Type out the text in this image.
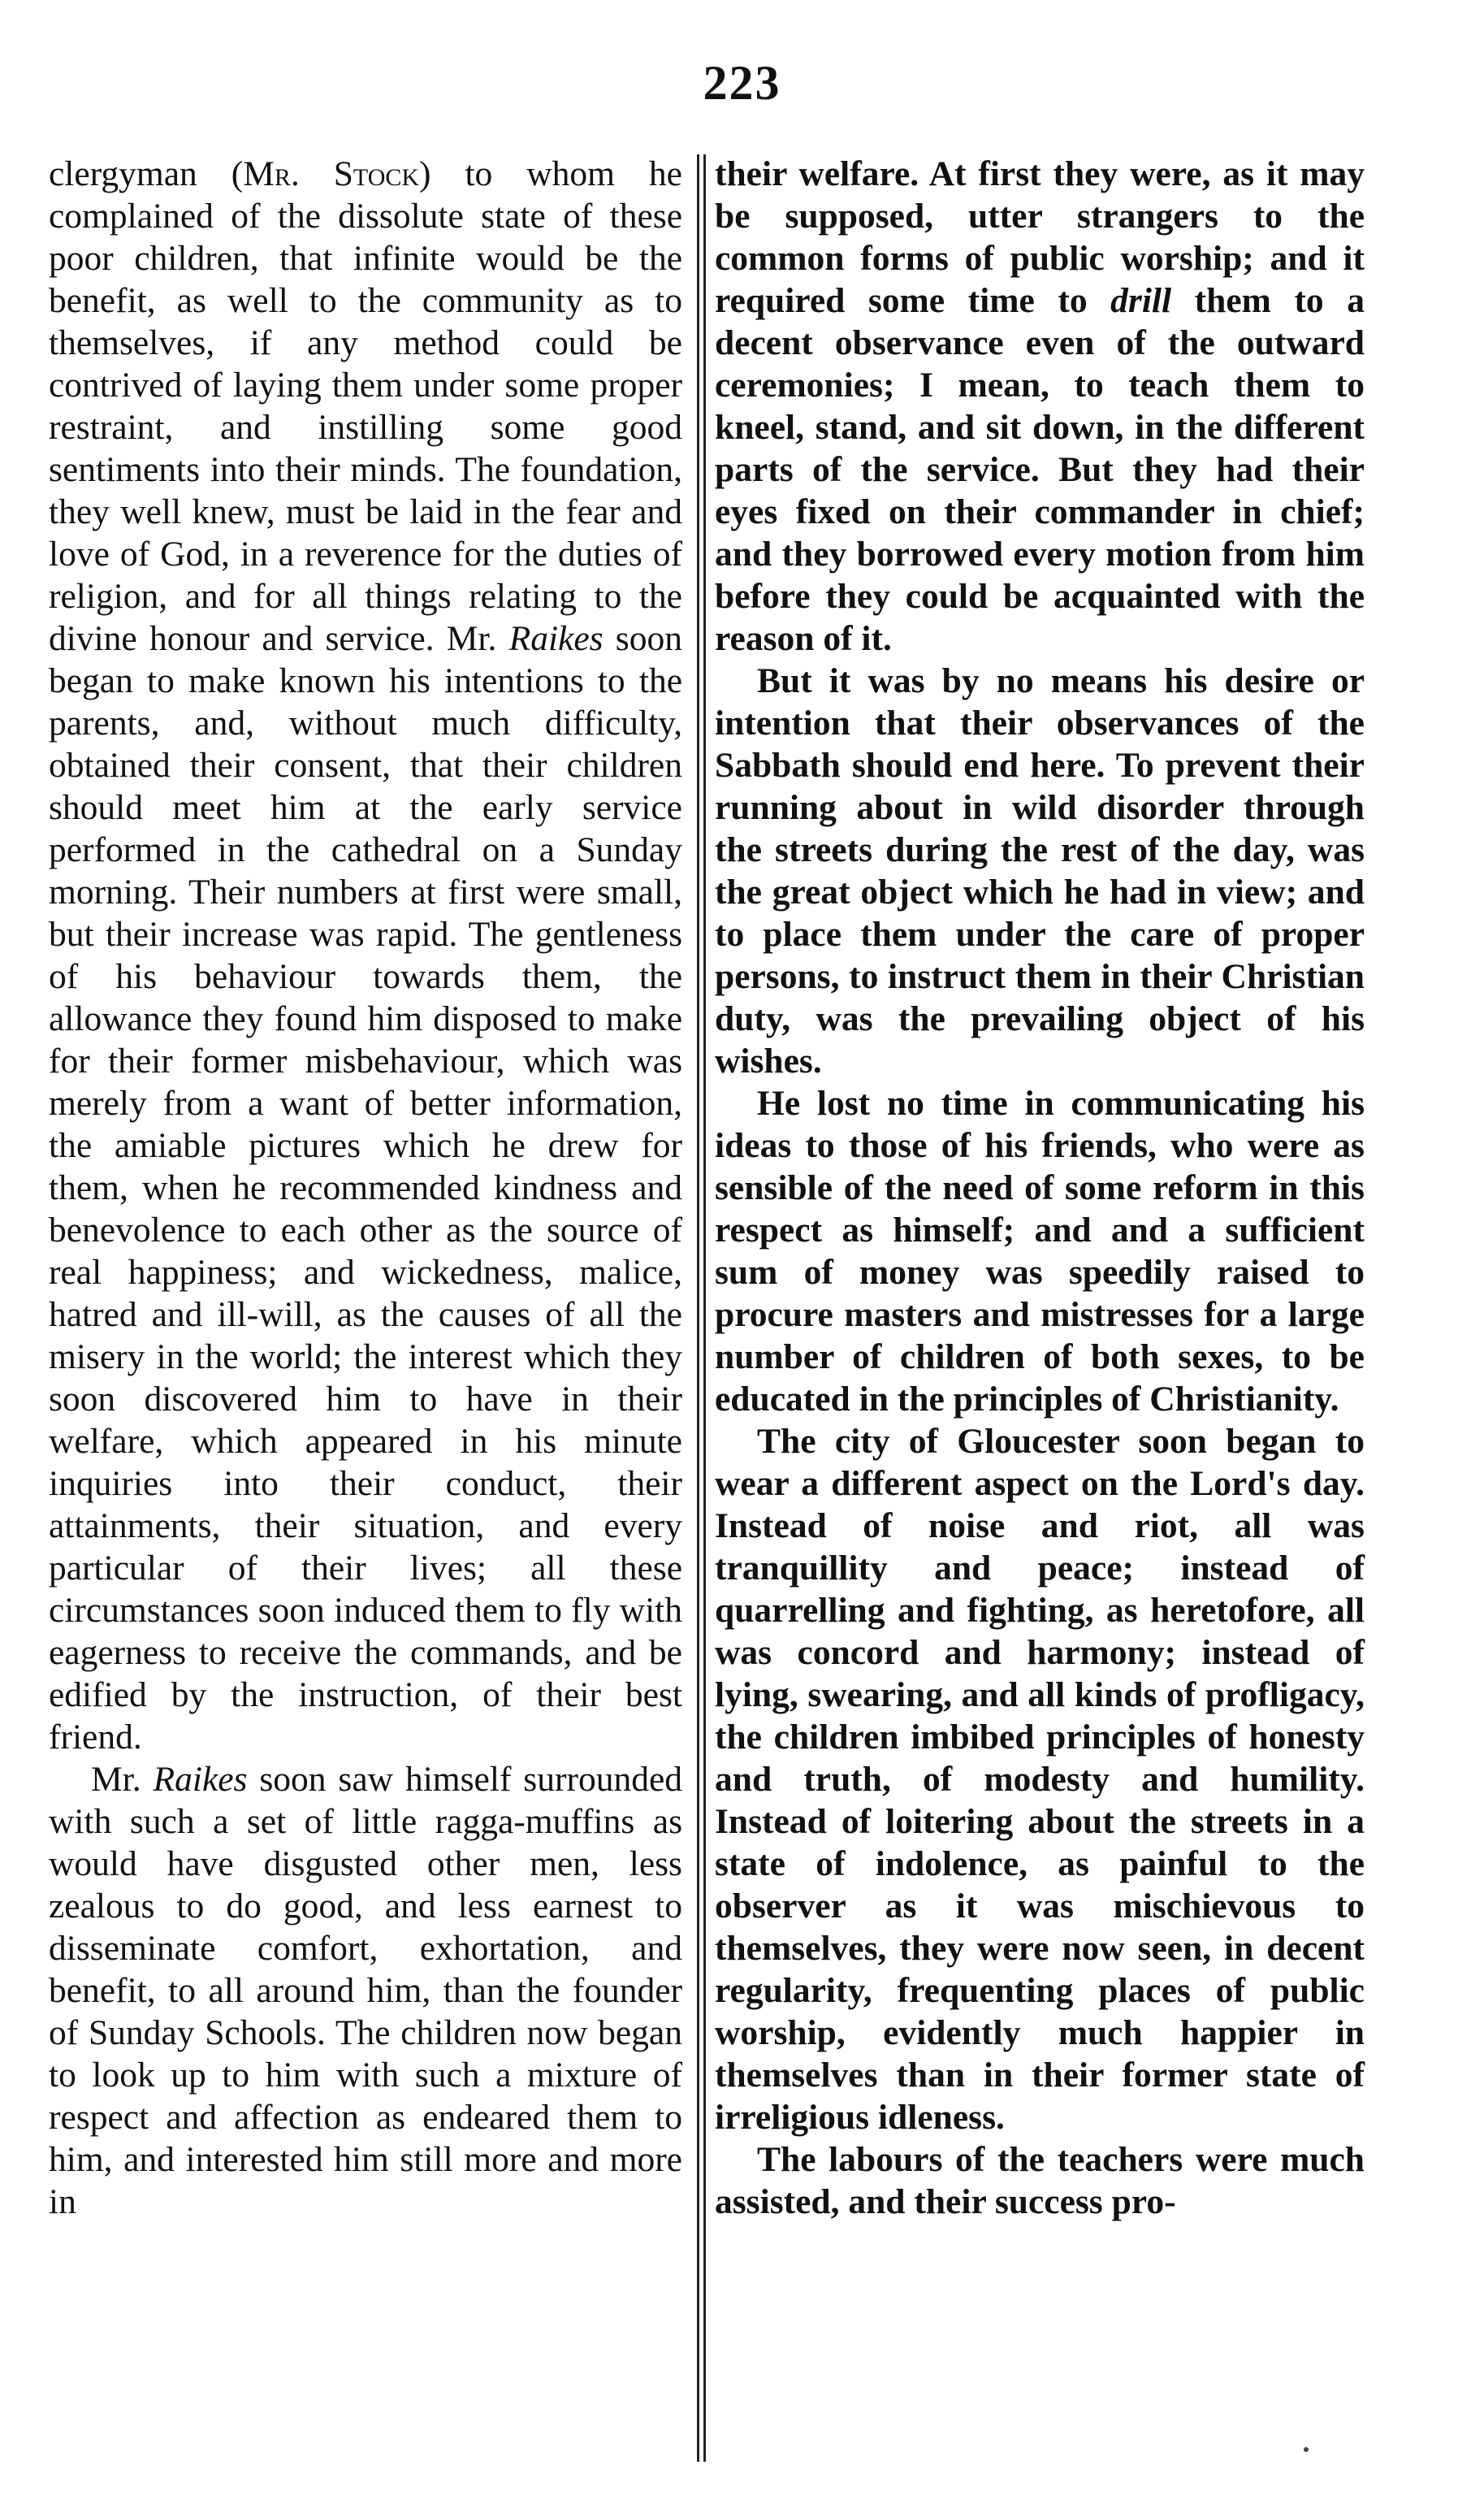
223

clergyman (Mr. Stock) to whom he complained of the dissolute state of these poor children, that infinite would be the benefit, as well to the community as to themselves, if any method could be contrived of laying them under some proper restraint, and instilling some good sentiments into their minds. The foundation, they well knew, must be laid in the fear and love of God, in a reverence for the duties of religion, and for all things relating to the divine honour and service. Mr. Raikes soon began to make known his intentions to the parents, and, without much difficulty, obtained their consent, that their children should meet him at the early service performed in the cathedral on a Sunday morning. Their numbers at first were small, but their increase was rapid. The gentleness of his behaviour towards them, the allowance they found him disposed to make for their former misbehaviour, which was merely from a want of better information, the amiable pictures which he drew for them, when he recommended kindness and benevolence to each other as the source of real happiness; and wickedness, malice, hatred and ill-will, as the causes of all the misery in the world; the interest which they soon discovered him to have in their welfare, which appeared in his minute inquiries into their conduct, their attainments, their situation, and every particular of their lives; all these circumstances soon induced them to fly with eagerness to receive the commands, and be edified by the instruction, of their best friend.

Mr. Raikes soon saw himself surrounded with such a set of little ragga-muffins as would have disgusted other men, less zealous to do good, and less earnest to disseminate comfort, exhortation, and benefit, to all around him, than the founder of Sunday Schools. The children now began to look up to him with such a mixture of respect and affection as endeared them to him, and interested him still more and more in

their welfare. At first they were, as it may be supposed, utter strangers to the common forms of public worship; and it required some time to drill them to a decent observance even of the outward ceremonies; I mean, to teach them to kneel, stand, and sit down, in the different parts of the service. But they had their eyes fixed on their commander in chief; and they borrowed every motion from him before they could be acquainted with the reason of it.

But it was by no means his desire or intention that their observances of the Sabbath should end here. To prevent their running about in wild disorder through the streets during the rest of the day, was the great object which he had in view; and to place them under the care of proper persons, to instruct them in their Christian duty, was the prevailing object of his wishes.

He lost no time in communicating his ideas to those of his friends, who were as sensible of the need of some reform in this respect as himself; and and a sufficient sum of money was speedily raised to procure masters and mistresses for a large number of children of both sexes, to be educated in the principles of Christianity.

The city of Gloucester soon began to wear a different aspect on the Lord's day. Instead of noise and riot, all was tranquillity and peace; instead of quarrelling and fighting, as heretofore, all was concord and harmony; instead of lying, swearing, and all kinds of profligacy, the children imbibed principles of honesty and truth, of modesty and humility. Instead of loitering about the streets in a state of indolence, as painful to the observer as it was mischievous to themselves, they were now seen, in decent regularity, frequenting places of public worship, evidently much happier in themselves than in their former state of irreligious idleness.

The labours of the teachers were much assisted, and their success pro-
